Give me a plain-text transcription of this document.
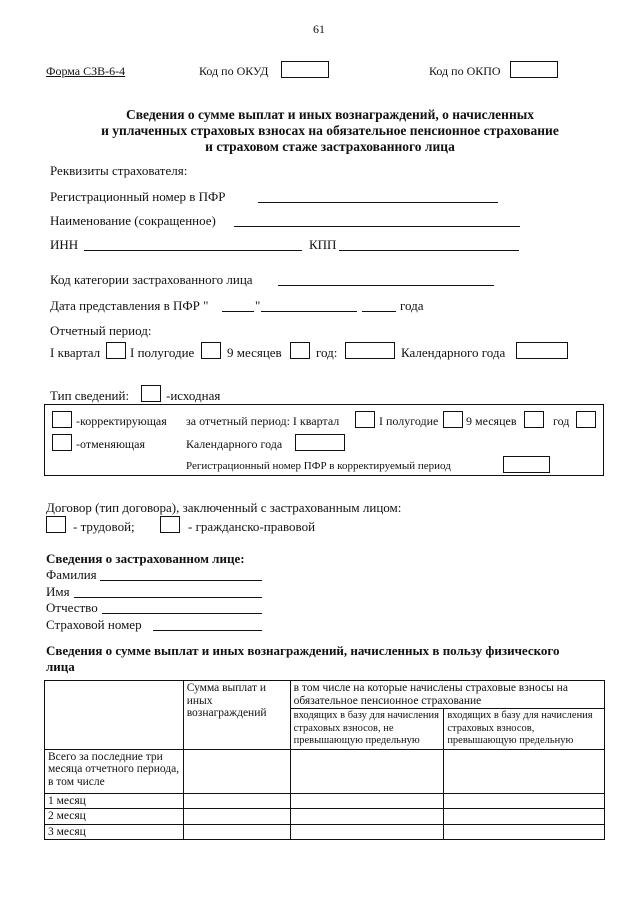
61
Форма СЗВ-6-4	Код по ОКУД	Код по ОКПО
Сведения о сумме выплат и иных вознаграждений, о начисленных
и уплаченных страховых взносах на обязательное пенсионное страхование
и страховом стаже застрахованного лица
Реквизиты страхователя:
Регистрационный номер в ПФР
Наименование (сокращенное)
ИНН	КПП
Код категории застрахованного лица
Дата представления в ПФР "	"	года
Отчетный период:
I квартал I полугодие	9 месяцев	год:	Календарного года
Тип сведений:	-исходная
-корректирующая за отчетный период: I квартал	I полугодие 9 месяцев	год
-отменяющая	Календарного года
Регистрационный номер ПФР в корректируемый период
Договор (тип договора), заключенный с застрахованным лицом:
- трудовой;	- гражданско-правовой
Сведения о застрахованном лице:
Фамилия
Имя
Отчество
Страховой номер
Сведения о сумме выплат и иных вознаграждений, начисленных в пользу физического
лица
	Сумма выплат и иных вознаграждений	в том числе на которые начислены страховые взносы на обязательное пенсионное страхование	
		входящих в базу для начисления страховых взносов, не превышающую предельную	входящих в базу для начисления страховых взносов, превышающую предельную
Всего за последние три месяца отчетного периода, в том числе			
1 месяц			
2 месяц			
3 месяц			
